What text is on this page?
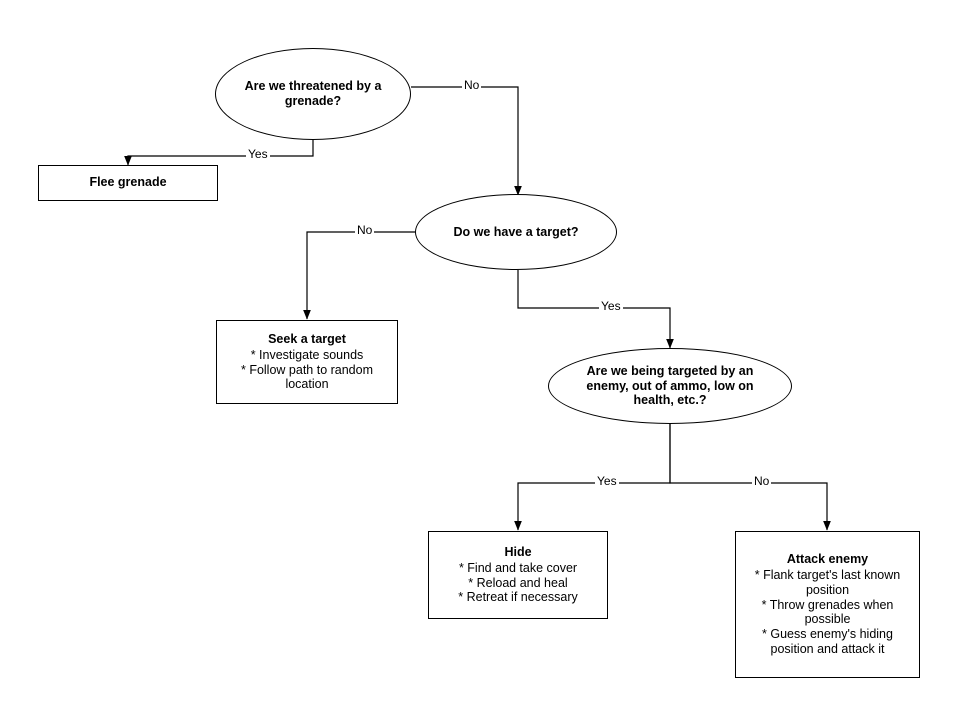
No
Yes
No
Yes
Yes	No
Are we threatened by a grenade?
Flee grenade
Do we have a target?
Seek a target
* Investigate sounds
* Follow path to random location
Are we being targeted by an enemy, out of ammo, low on health, etc.?
Hide
* Find and take cover
* Reload and heal
* Retreat if necessary
Attack enemy
* Flank target's last known position
* Throw grenades when possible
* Guess enemy's hiding position and attack it
